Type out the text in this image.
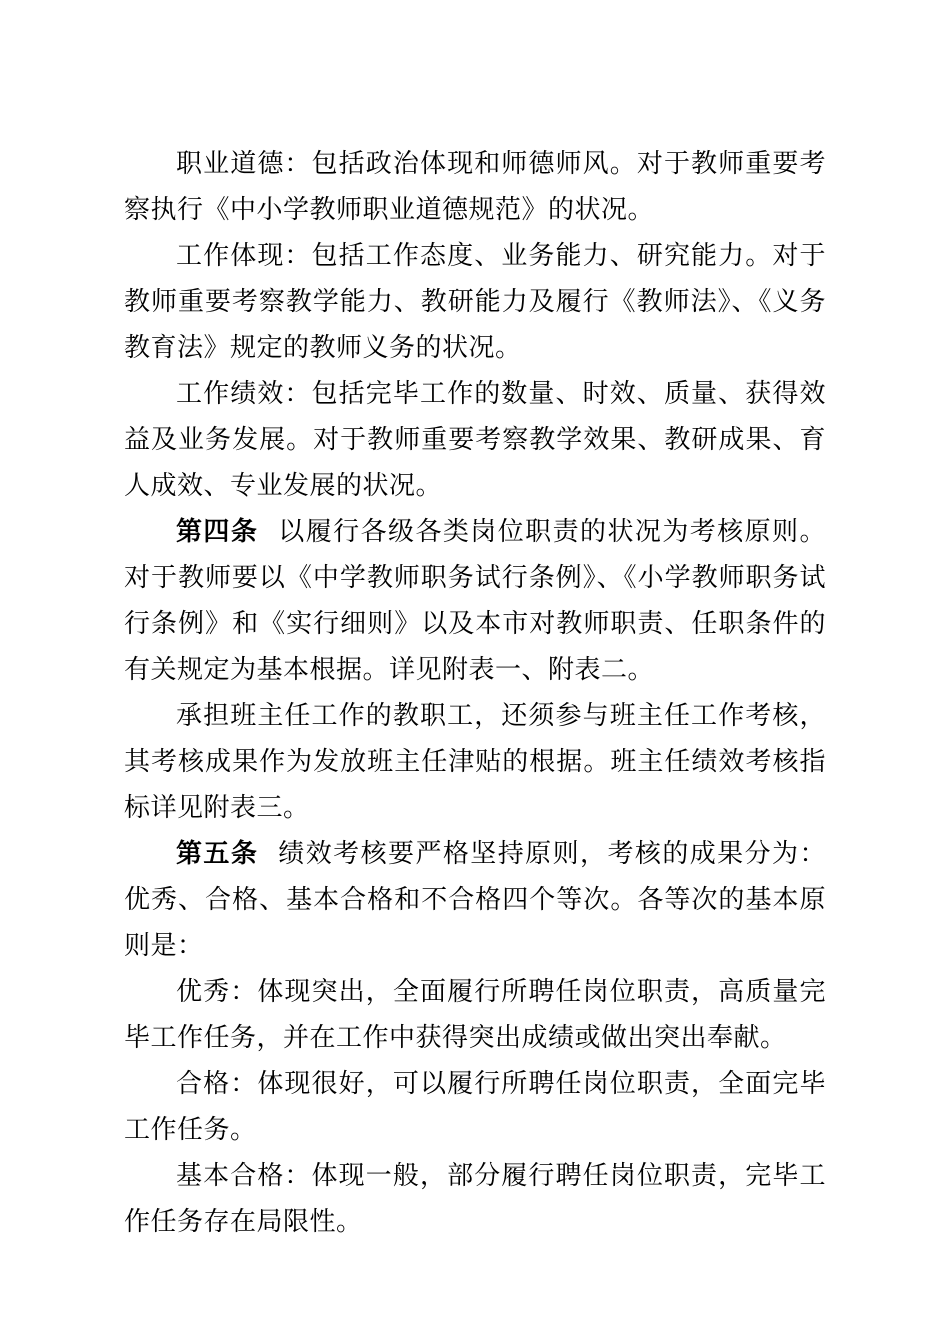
职业道德：包括政治体现和师德师风。对于教师重要考察执行《中小学教师职业道德规范》的状况。

工作体现：包括工作态度、业务能力、研究能力。对于教师重要考察教学能力、教研能力及履行《教师法》、《义务教育法》规定的教师义务的状况。

工作绩效：包括完毕工作的数量、时效、质量、获得效益及业务发展。对于教师重要考察教学效果、教研成果、育人成效、专业发展的状况。

第四条 以履行各级各类岗位职责的状况为考核原则。对于教师要以《中学教师职务试行条例》、《小学教师职务试行条例》和《实行细则》以及本市对教师职责、任职条件的有关规定为基本根据。详见附表一、附表二。

承担班主任工作的教职工，还须参与班主任工作考核，其考核成果作为发放班主任津贴的根据。班主任绩效考核指标详见附表三。

第五条 绩效考核要严格坚持原则，考核的成果分为：优秀、合格、基本合格和不合格四个等次。各等次的基本原则是：

优秀：体现突出，全面履行所聘任岗位职责，高质量完毕工作任务，并在工作中获得突出成绩或做出突出奉献。

合格：体现很好，可以履行所聘任岗位职责，全面完毕工作任务。

基本合格：体现一般，部分履行聘任岗位职责，完毕工作任务存在局限性。
